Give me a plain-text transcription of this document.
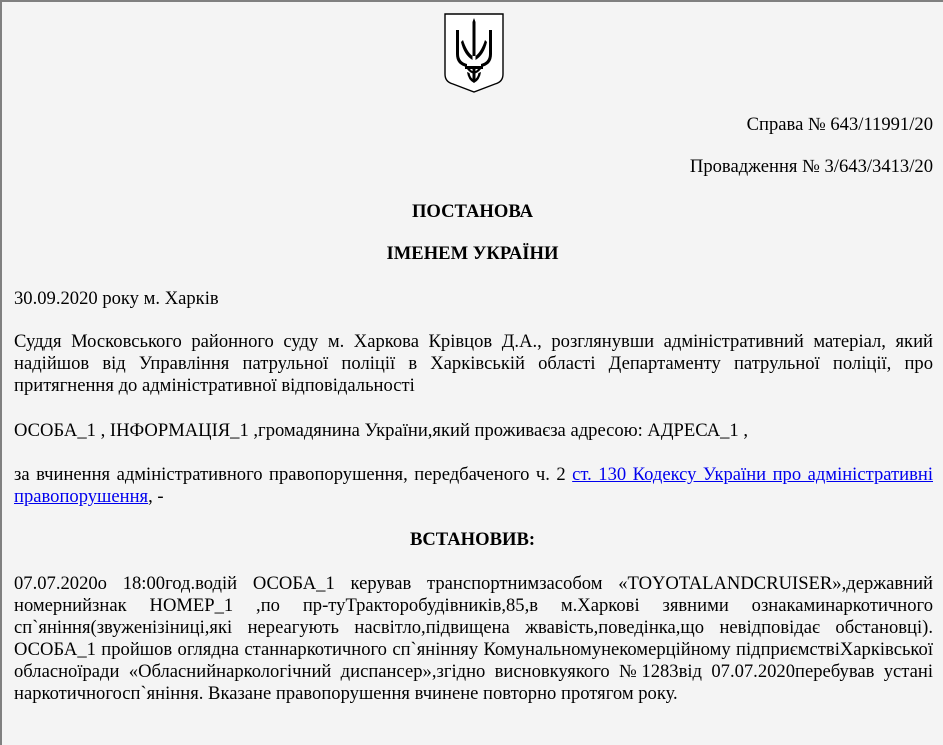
Справа № 643/11991/20
Провадження № 3/643/3413/20
ПОСТАНОВА
ІМЕНЕМ УКРАЇНИ
30.09.2020 року м. Харків
Суддя Московського районного суду м. Харкова Крівцов Д.А., розглянувши адміністративний матеріал, який надійшов від Управління патрульної поліції в Харківській області Департаменту патрульної поліції, про притягнення до адміністративної відповідальності
ОСОБА_1 , ІНФОРМАЦІЯ_1 ,громадянина України,який проживаєза адресою: АДРЕСА_1 ,
за вчинення адміністративного правопорушення, передбаченого ч. 2 ст. 130 Кодексу України про адміністративні правопорушення, -
ВСТАНОВИВ:
07.07.2020о 18:00год.водій ОСОБА_1 керував транспортнимзасобом «TOYOTALANDCRUISER»,державний номернийзнак НОМЕР_1 ,по пр-туТракторобудівників,85,в м.Харкові зявними ознакаминаркотичного сп`яніння(звуженізіниці,які нереагують насвітло,підвищена жвавість,поведінка,що невідповідає обстановці). ОСОБА_1 пройшов оглядна станнаркотичного сп`янінняу Комунальномунекомерційному підприємствіХарківської обласноїради «Обласнийнаркологічний диспансер»,згідно висновкуякого №1283від 07.07.2020перебував устані наркотичногосп`яніння. Вказане правопорушення вчинене повторно протягом року.
